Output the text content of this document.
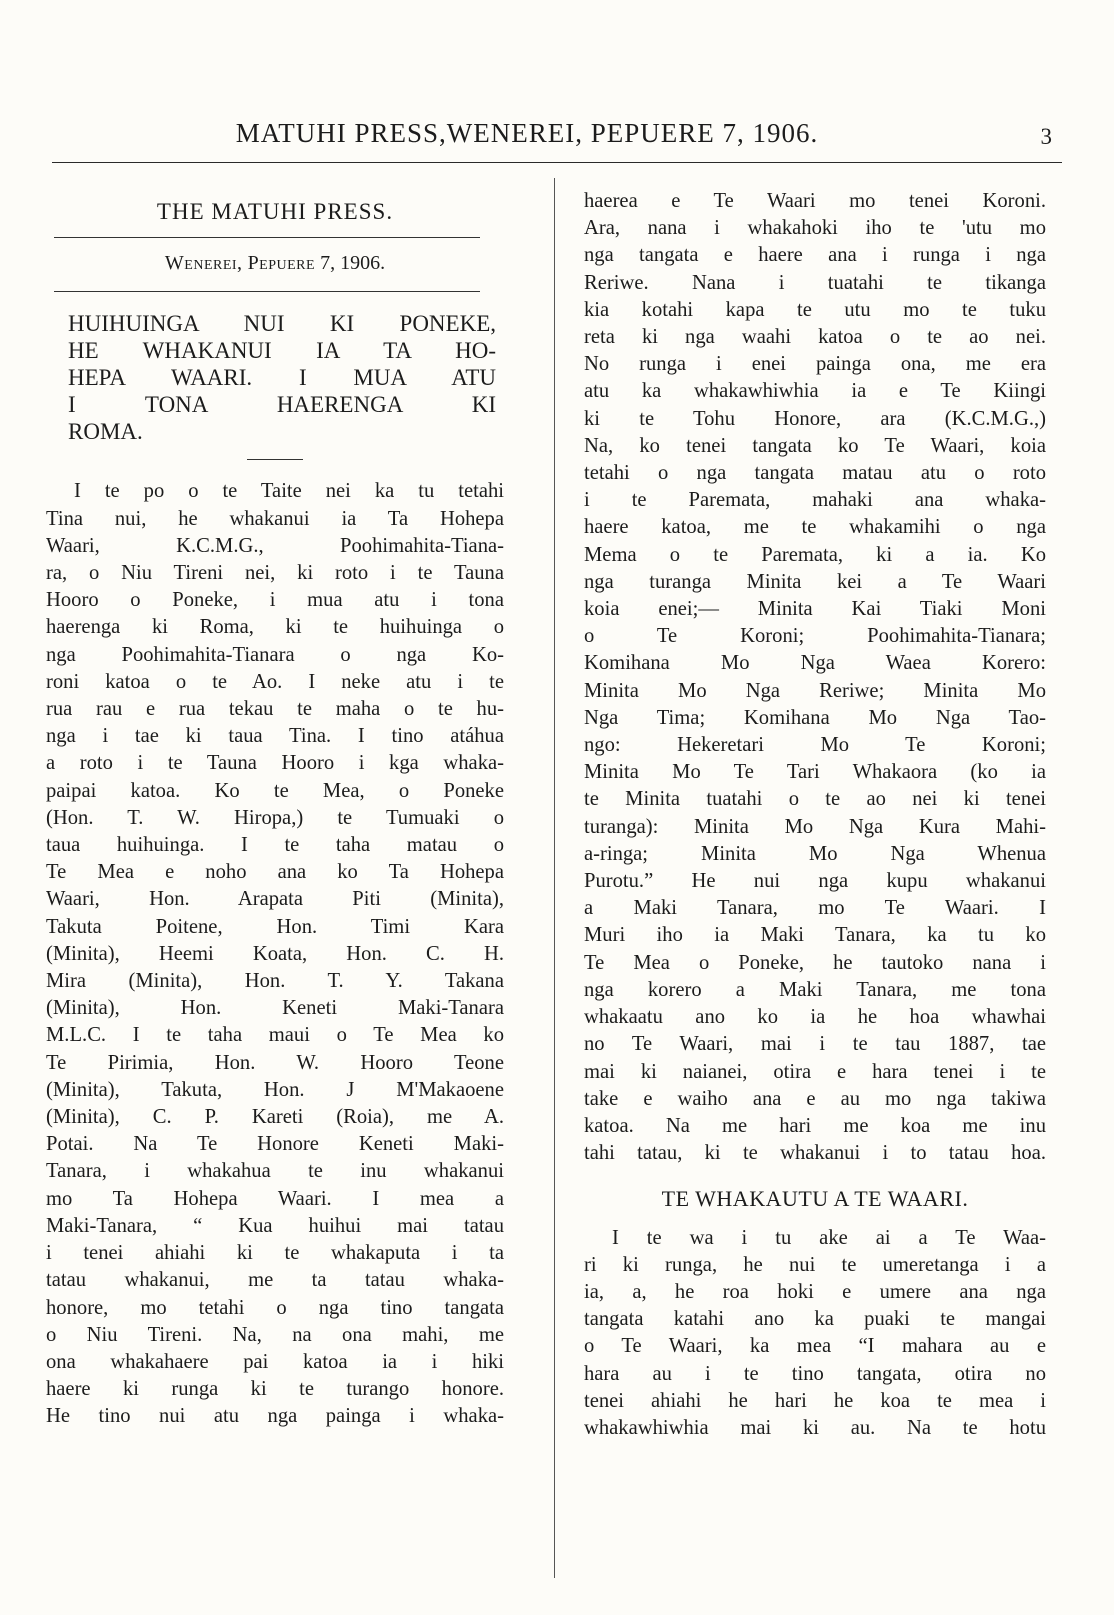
MATUHI PRESS,WENEREI, PEPUERE 7, 1906.	3
THE MATUHI PRESS.
Wenerei, Pepuere 7, 1906.
HUIHUINGA NUI KI PONEKE,
HE WHAKANUI IA TA HO-
HEPA WAARI. I MUA ATU
I TONA HAERENGA KI
ROMA.
I te po o te Taite nei ka tu tetahi
Tina nui, he whakanui ia Ta Hohepa
Waari, K.C.M.G., Poohimahita-Tiana-
ra, o Niu Tireni nei, ki roto i te Tauna
Hooro o Poneke, i mua atu i tona
haerenga ki Roma, ki te huihuinga o
nga Poohimahita-Tianara o nga Ko-
roni katoa o te Ao. I neke atu i te
rua rau e rua tekau te maha o te hu-
nga i tae ki taua Tina. I tino atáhua
a roto i te Tauna Hooro i kga whaka-
paipai katoa. Ko te Mea, o Poneke
(Hon. T. W. Hiropa,) te Tumuaki o
taua huihuinga. I te taha matau o
Te Mea e noho ana ko Ta Hohepa
Waari, Hon. Arapata Piti (Minita),
Takuta Poitene, Hon. Timi Kara
(Minita), Heemi Koata, Hon. C. H.
Mira (Minita), Hon. T. Y. Takana
(Minita), Hon. Keneti Maki-Tanara
M.L.C. I te taha maui o Te Mea ko
Te Pirimia, Hon. W. Hooro Teone
(Minita), Takuta, Hon. J M'Makaoene
(Minita), C. P. Kareti (Roia), me A.
Potai. Na Te Honore Keneti Maki-
Tanara, i whakahua te inu whakanui
mo Ta Hohepa Waari. I mea a
Maki-Tanara, “ Kua huihui mai tatau
i tenei ahiahi ki te whakaputa i ta
tatau whakanui, me ta tatau whaka-
honore, mo tetahi o nga tino tangata
o Niu Tireni. Na, na ona mahi, me
ona whakahaere pai katoa ia i hiki
haere ki runga ki te turango honore.
He tino nui atu nga painga i whaka-
haerea e Te Waari mo tenei Koroni.
Ara, nana i whakahoki iho te 'utu mo
nga tangata e haere ana i runga i nga
Reriwe. Nana i tuatahi te tikanga
kia kotahi kapa te utu mo te tuku
reta ki nga waahi katoa o te ao nei.
No runga i enei painga ona, me era
atu ka whakawhiwhia ia e Te Kiingi
ki te Tohu Honore, ara (K.C.M.G.,)
Na, ko tenei tangata ko Te Waari, koia
tetahi o nga tangata matau atu o roto
i te Paremata, mahaki ana whaka-
haere katoa, me te whakamihi o nga
Mema o te Paremata, ki a ia. Ko
nga turanga Minita kei a Te Waari
koia enei;— Minita Kai Tiaki Moni
o Te Koroni; Poohimahita-Tianara;
Komihana Mo Nga Waea Korero:
Minita Mo Nga Reriwe; Minita Mo
Nga Tima; Komihana Mo Nga Tao-
ngo: Hekeretari Mo Te Koroni;
Minita Mo Te Tari Whakaora (ko ia
te Minita tuatahi o te ao nei ki tenei
turanga): Minita Mo Nga Kura Mahi-
a-ringa; Minita Mo Nga Whenua
Purotu.” He nui nga kupu whakanui
a Maki Tanara, mo Te Waari. I
Muri iho ia Maki Tanara, ka tu ko
Te Mea o Poneke, he tautoko nana i
nga korero a Maki Tanara, me tona
whakaatu ano ko ia he hoa whawhai
no Te Waari, mai i te tau 1887, tae
mai ki naianei, otira e hara tenei i te
take e waiho ana e au mo nga takiwa
katoa. Na me hari me koa me inu
tahi tatau, ki te whakanui i to tatau hoa.
TE WHAKAUTU A TE WAARI.
I te wa i tu ake ai a Te Waa-
ri ki runga, he nui te umeretanga i a
ia, a, he roa hoki e umere ana nga
tangata katahi ano ka puaki te mangai
o Te Waari, ka mea “I mahara au e
hara au i te tino tangata, otira no
tenei ahiahi he hari he koa te mea i
whakawhiwhia mai ki au. Na te hotu
